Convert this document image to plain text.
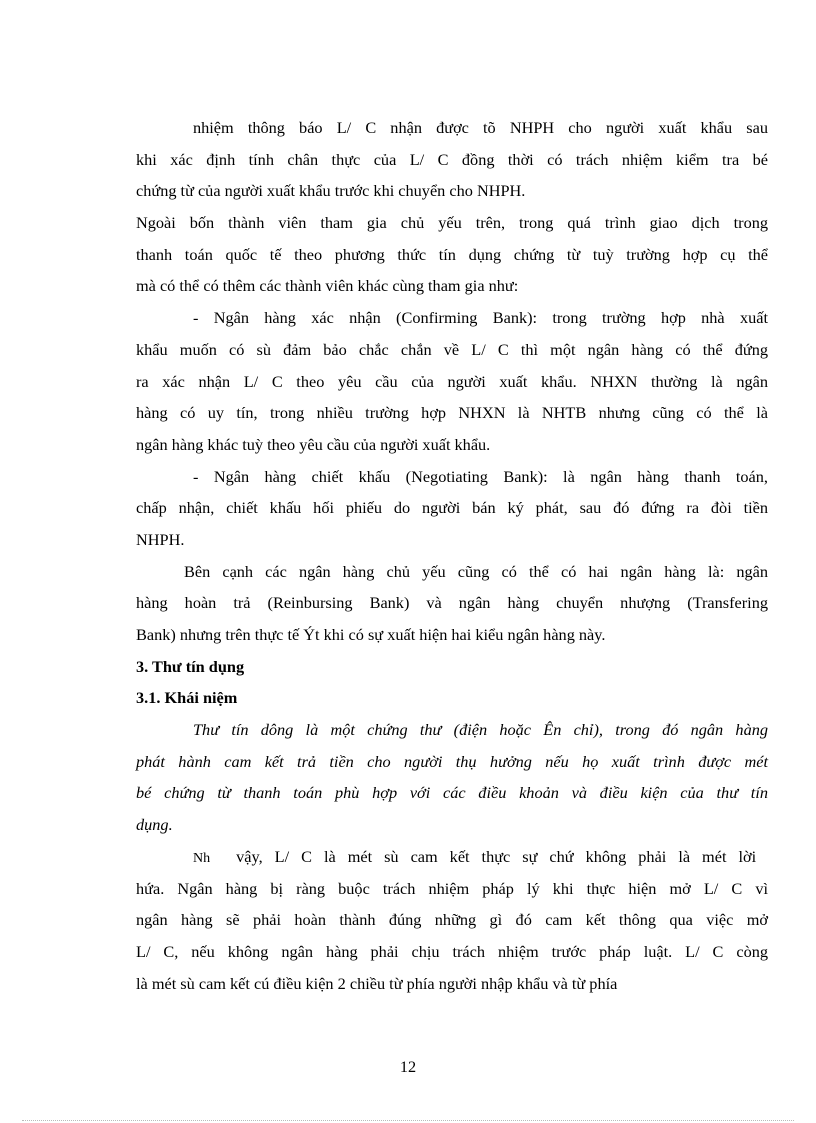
nhiệm thông báo L/ C nhận được tõ NHPH cho người xuất khẩu sau
khi xác định tính chân thực của L/ C đồng thời có trách nhiệm kiểm tra bé
chứng từ của người xuất khẩu trước khi chuyển cho NHPH.
Ngoài bốn thành viên tham gia chủ yếu trên, trong quá trình giao dịch trong
thanh toán quốc tế theo phương thức tín dụng chứng từ tuỳ trường hợp cụ thể
mà có thể có thêm các thành viên khác cùng tham gia như:
- Ngân hàng xác nhận (Confirming Bank): trong trường hợp nhà xuất
khẩu muốn có sù đảm bảo chắc chắn về L/ C thì một ngân hàng có thể đứng
ra xác nhận L/ C theo yêu cầu của người xuất khẩu. NHXN thường là ngân
hàng có uy tín, trong nhiều trường hợp NHXN là NHTB nhưng cũng có thể là
ngân hàng khác tuỳ theo yêu cầu của người xuất khẩu.
- Ngân hàng chiết khấu (Negotiating Bank): là ngân hàng thanh toán,
chấp nhận, chiết khấu hối phiếu do người bán ký phát, sau đó đứng ra đòi tiền
NHPH.
Bên cạnh các ngân hàng chủ yếu cũng có thể có hai ngân hàng là: ngân
hàng hoàn trả (Reinbursing Bank) và ngân hàng chuyển nhượng (Transfering
Bank) nhưng trên thực tế Ýt khi có sự xuất hiện hai kiểu ngân hàng này.
3. Thư tín dụng
3.1. Khái niệm
Thư tín dông là một chứng thư (điện hoặc Ên chỉ), trong đó ngân hàng
phát hành cam kết trả tiền cho người thụ hưởng nếu họ xuất trình được mét
bé chứng từ thanh toán phù hợp với các điều khoản và điều kiện của thư tín
dụng.
Nh vậy, L/ C là mét sù cam kết thực sự chứ không phải là mét lời
hứa. Ngân hàng bị ràng buộc trách nhiệm pháp lý khi thực hiện mở L/ C vì
ngân hàng sẽ phải hoàn thành đúng những gì đó cam kết thông qua việc mở
L/ C, nếu không ngân hàng phải chịu trách nhiệm trước pháp luật. L/ C còng
là mét sù cam kết cú điều kiện 2 chiều từ phía người nhập khẩu và từ phía
12
